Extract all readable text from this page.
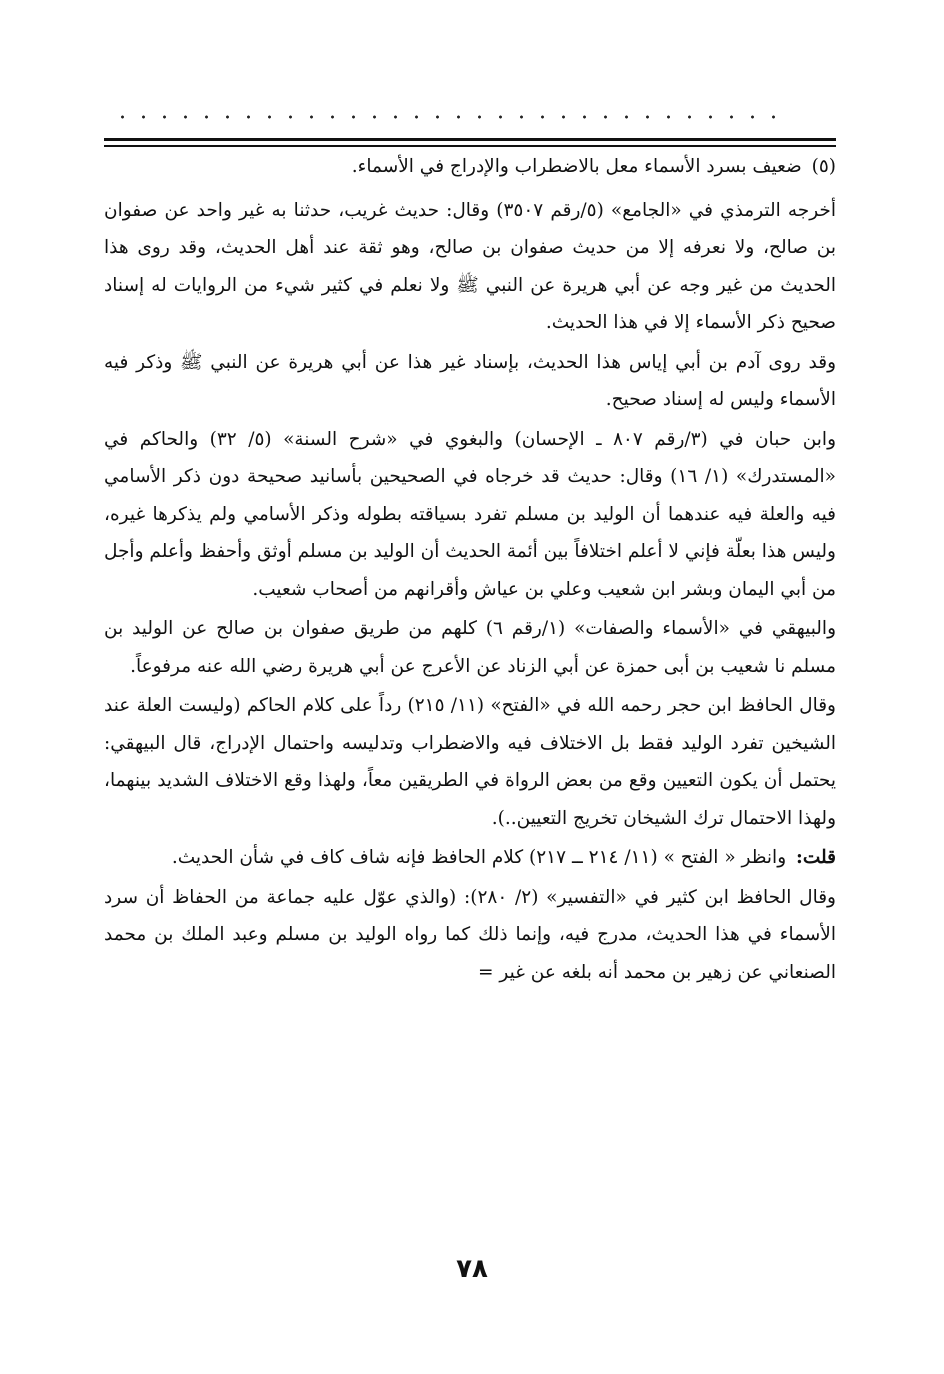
(٥) ضعيف بسرد الأسماء معل بالاضطراب والإدراج في الأسماء.

أخرجه الترمذي في «الجامع» (٥/رقم ٣٥٠٧) وقال: حديث غريب، حدثنا به غير واحد عن صفوان بن صالح، ولا نعرفه إلا من حديث صفوان بن صالح، وهو ثقة عند أهل الحديث، وقد روى هذا الحديث من غير وجه عن أبي هريرة عن النبي ﷺ ولا نعلم في كثير شيء من الروايات له إسناد صحيح ذكر الأسماء إلا في هذا الحديث.

وقد روى آدم بن أبي إياس هذا الحديث، بإسناد غير هذا عن أبي هريرة عن النبي ﷺ وذكر فيه الأسماء وليس له إسناد صحيح.

وابن حبان في (٣/رقم ٨٠٧ ـ الإحسان) والبغوي في «شرح السنة» (٥/ ٣٢) والحاكم في «المستدرك» (١/ ١٦) وقال: حديث قد خرجاه في الصحيحين بأسانيد صحيحة دون ذكر الأسامي فيه والعلة فيه عندهما أن الوليد بن مسلم تفرد بسياقته بطوله وذكر الأسامي ولم يذكرها غيره، وليس هذا بعلّة فإني لا أعلم اختلافاً بين أئمة الحديث أن الوليد بن مسلم أوثق وأحفظ وأعلم وأجل من أبي اليمان وبشر ابن شعيب وعلي بن عياش وأقرانهم من أصحاب شعيب.

والبيهقي في «الأسماء والصفات» (١/رقم ٦) كلهم من طريق صفوان بن صالح عن الوليد بن مسلم نا شعيب بن أبى حمزة عن أبي الزناد عن الأعرج عن أبي هريرة رضي الله عنه مرفوعاً.

وقال الحافظ ابن حجر رحمه الله في «الفتح» (١١/ ٢١٥) رداً على كلام الحاكم (وليست العلة عند الشيخين تفرد الوليد فقط بل الاختلاف فيه والاضطراب وتدليسه واحتمال الإدراج، قال البيهقي: يحتمل أن يكون التعيين وقع من بعض الرواة في الطريقين معاً، ولهذا وقع الاختلاف الشديد بينهما، ولهذا الاحتمال ترك الشيخان تخريج التعيين..).

قلت: وانظر « الفتح » (١١/ ٢١٤ ــ ٢١٧) كلام الحافظ فإنه شاف كاف في شأن الحديث.

وقال الحافظ ابن كثير في «التفسير» (٢/ ٢٨٠): (والذي عوّل عليه جماعة من الحفاظ أن سرد الأسماء في هذا الحديث، مدرج فيه، وإنما ذلك كما رواه الوليد بن مسلم وعبد الملك بن محمد الصنعاني عن زهير بن محمد أنه بلغه عن غير =

٧٨
